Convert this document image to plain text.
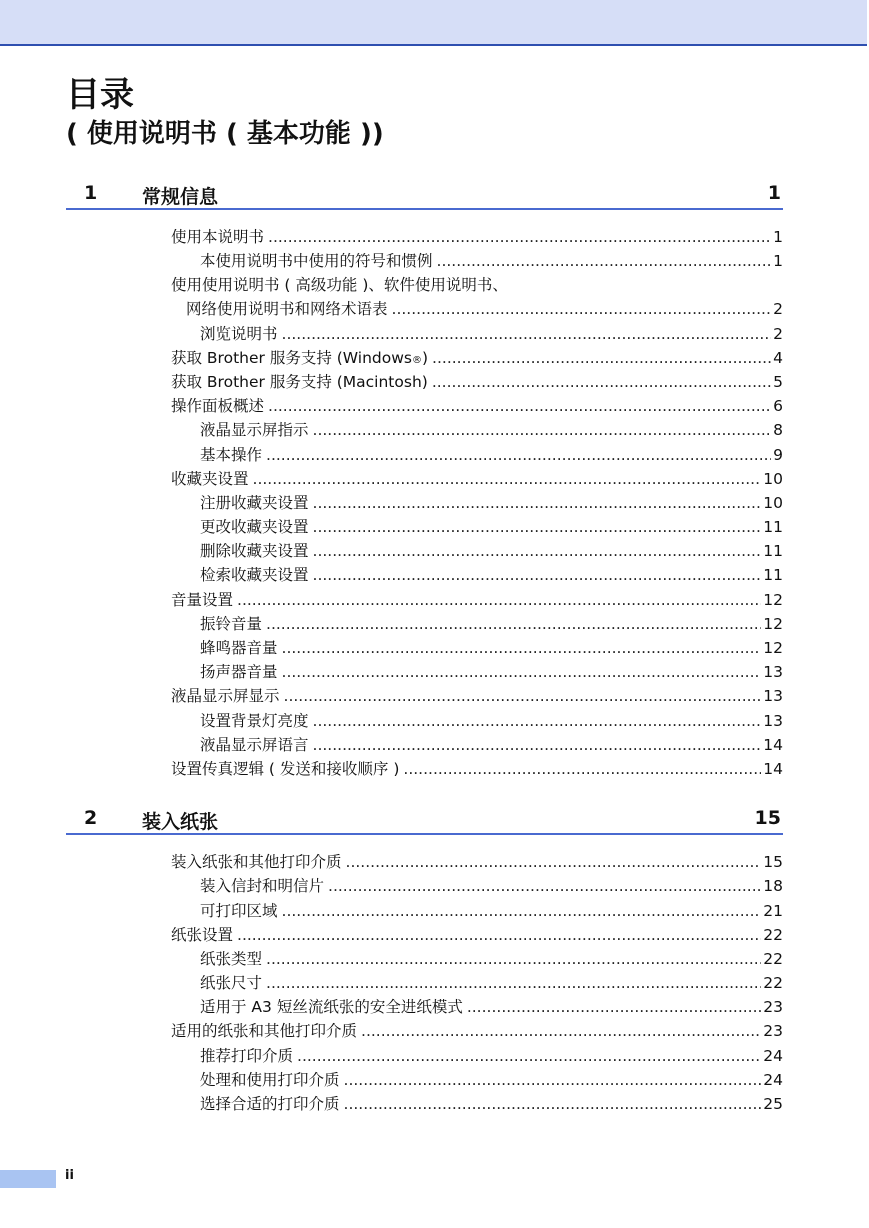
目录
( 使用说明书 ( 基本功能 ))
1 常规信息	1
使用本说明书 .....	1
本使用说明书中使用的符号和惯例 .....	1
使用使用说明书 ( 高级功能 )、软件使用说明书、
网络使用说明书和网络术语表 .....	2
浏览说明书 .....	2
获取 Brother 服务支持 (Windows ® ) .....	4
获取 Brother 服务支持 (Macintosh) .....	5
操作面板概述 .....	6
液晶显示屏指示 .....	8
基本操作 .....	9
收藏夹设置 .....	10
注册收藏夹设置 .....	10
更改收藏夹设置 .....	11
删除收藏夹设置 .....	11
检索收藏夹设置 .....	11
音量设置 .....	12
振铃音量 .....	12
蜂鸣器音量 .....	12
扬声器音量 .....	13
液晶显示屏显示 .....	13
设置背景灯亮度 .....	13
液晶显示屏语言 .....	14
设置传真逻辑 ( 发送和接收顺序 ) .....	14
2 装入纸张	15
装入纸张和其他打印介质 .....	15
装入信封和明信片 .....	18
可打印区域 .....	21
纸张设置 .....	22
纸张类型 .....	22
纸张尺寸 .....	22
适用于 A3 短丝流纸张的安全进纸模式 .....	23
适用的纸张和其他打印介质 .....	23
推荐打印介质 .....	24
处理和使用打印介质 .....	24
选择合适的打印介质 .....	25
ii
